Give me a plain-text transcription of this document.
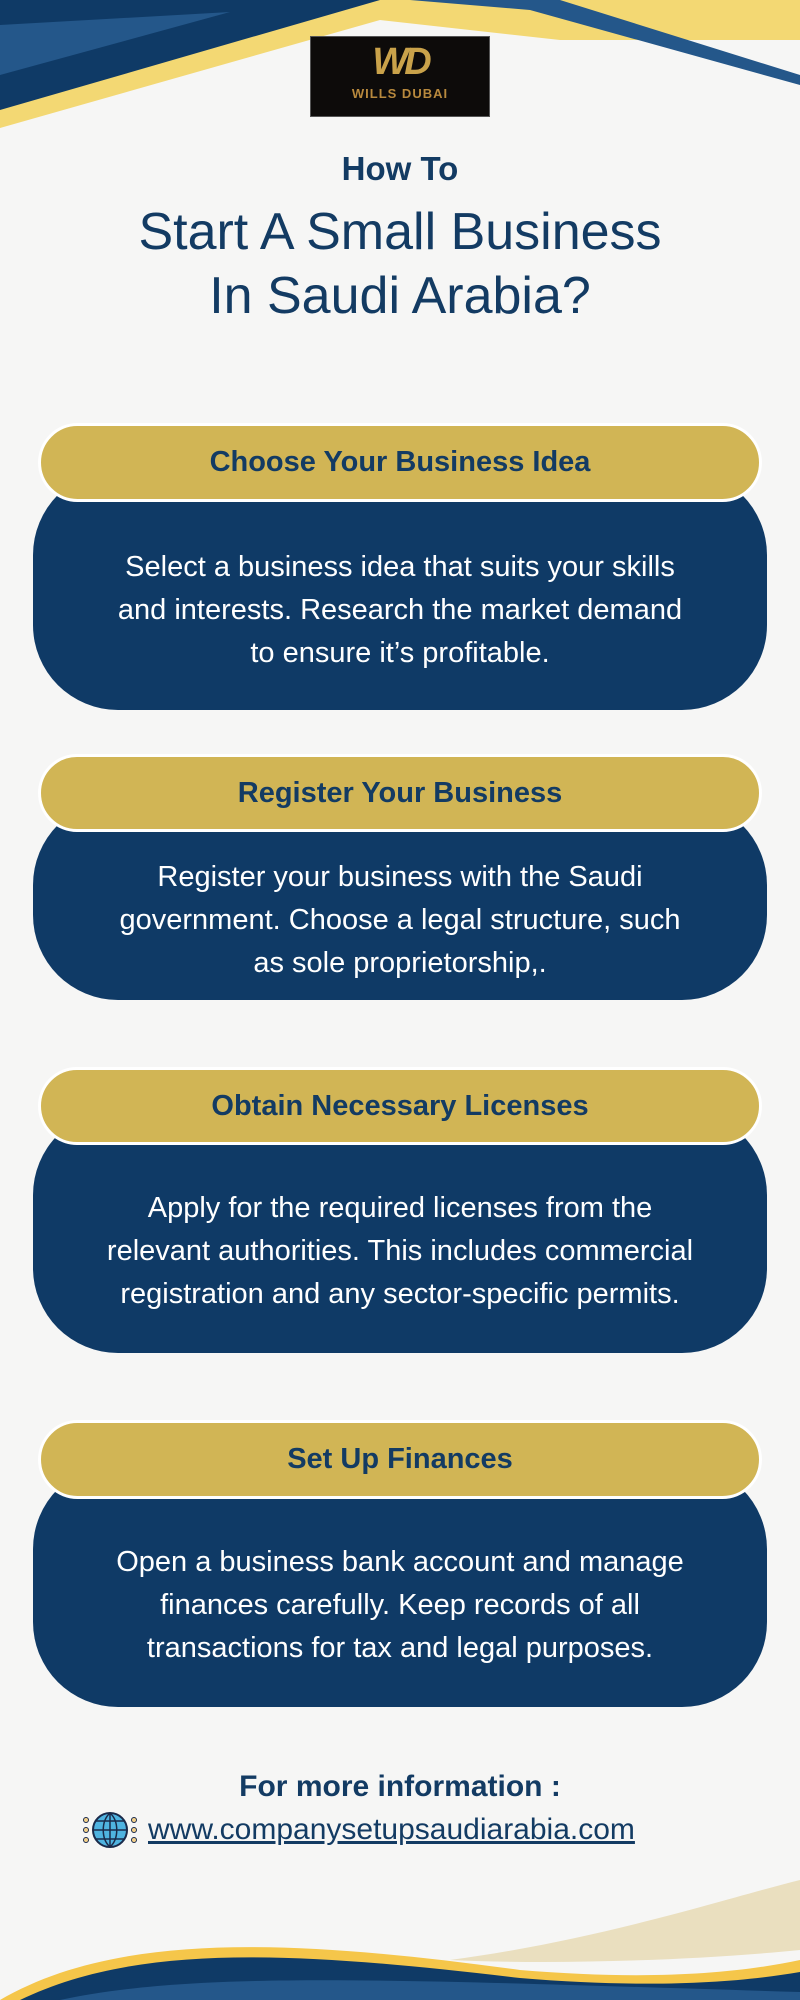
WD
WILLS DUBAI
How To
Start A Small Business
In Saudi Arabia?
Select a business idea that suits your skills and interests. Research the market demand to ensure it’s profitable.
Choose Your Business Idea
Register your business with the Saudi government. Choose a legal structure, such as sole proprietorship,.
Register Your Business
Apply for the required licenses from the relevant authorities. This includes commercial registration and any sector-specific permits.
Obtain Necessary Licenses
Open a business bank account and manage finances carefully. Keep records of all transactions for tax and legal purposes.
Set Up Finances
For more information :
www.companysetupsaudiarabia.com
